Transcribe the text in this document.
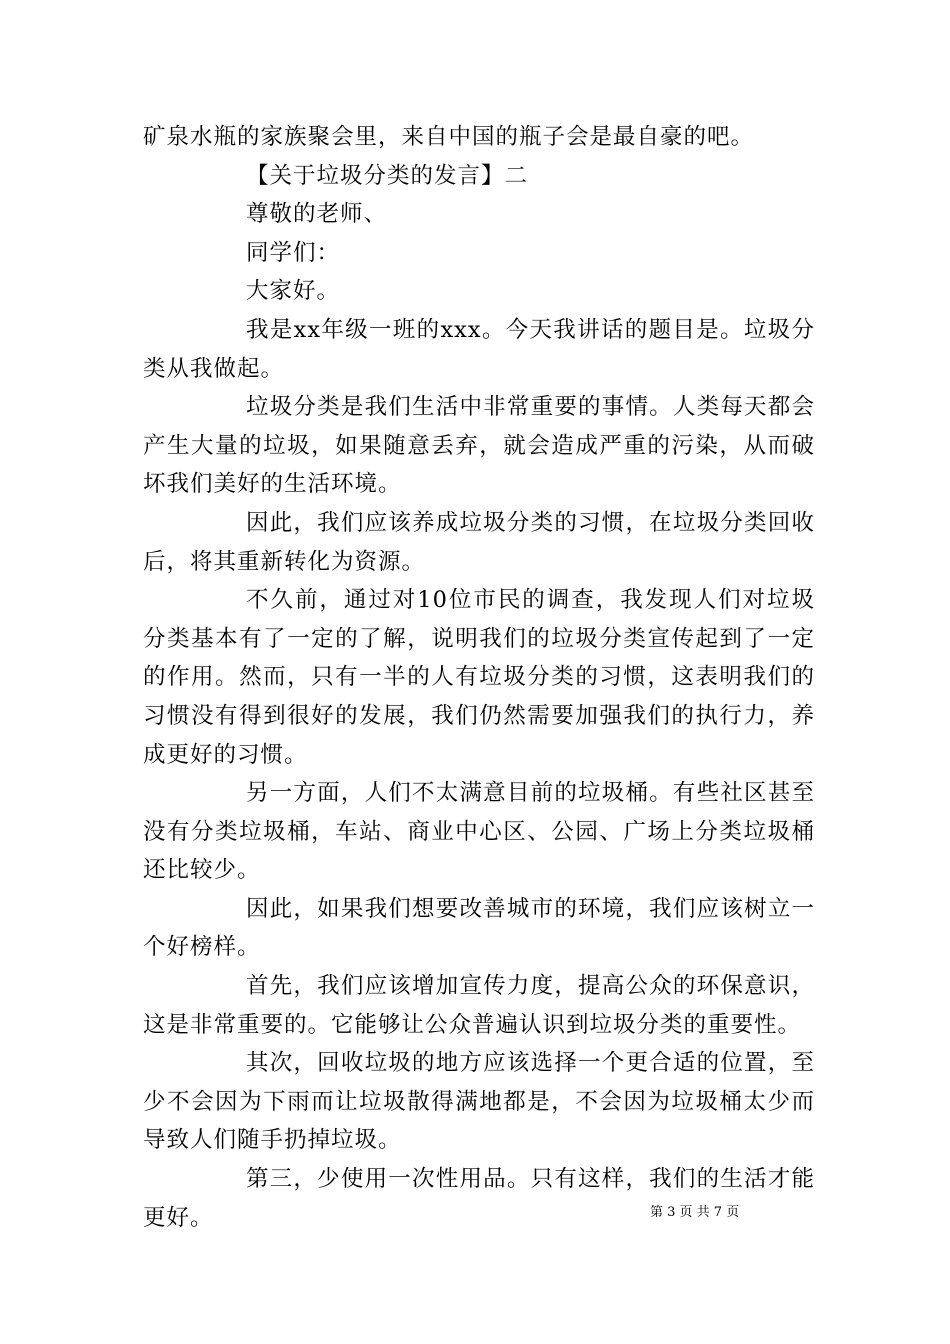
矿泉水瓶的家族聚会里，来自中国的瓶子会是最自豪的吧。

【关于垃圾分类的发言】二

尊敬的老师、

同学们：

大家好。

我是xx年级一班的xxx。今天我讲话的题目是。垃圾分类从我做起。

垃圾分类是我们生活中非常重要的事情。人类每天都会产生大量的垃圾，如果随意丢弃，就会造成严重的污染，从而破坏我们美好的生活环境。

因此，我们应该养成垃圾分类的习惯，在垃圾分类回收后，将其重新转化为资源。

不久前，通过对10位市民的调查，我发现人们对垃圾分类基本有了一定的了解，说明我们的垃圾分类宣传起到了一定的作用。然而，只有一半的人有垃圾分类的习惯，这表明我们的习惯没有得到很好的发展，我们仍然需要加强我们的执行力，养成更好的习惯。

另一方面，人们不太满意目前的垃圾桶。有些社区甚至没有分类垃圾桶，车站、商业中心区、公园、广场上分类垃圾桶还比较少。

因此，如果我们想要改善城市的环境，我们应该树立一个好榜样。

首先，我们应该增加宣传力度，提高公众的环保意识，这是非常重要的。它能够让公众普遍认识到垃圾分类的重要性。

其次，回收垃圾的地方应该选择一个更合适的位置，至少不会因为下雨而让垃圾散得满地都是，不会因为垃圾桶太少而导致人们随手扔掉垃圾。

第三，少使用一次性用品。只有这样，我们的生活才能更好。	第 3 页 共 7 页
